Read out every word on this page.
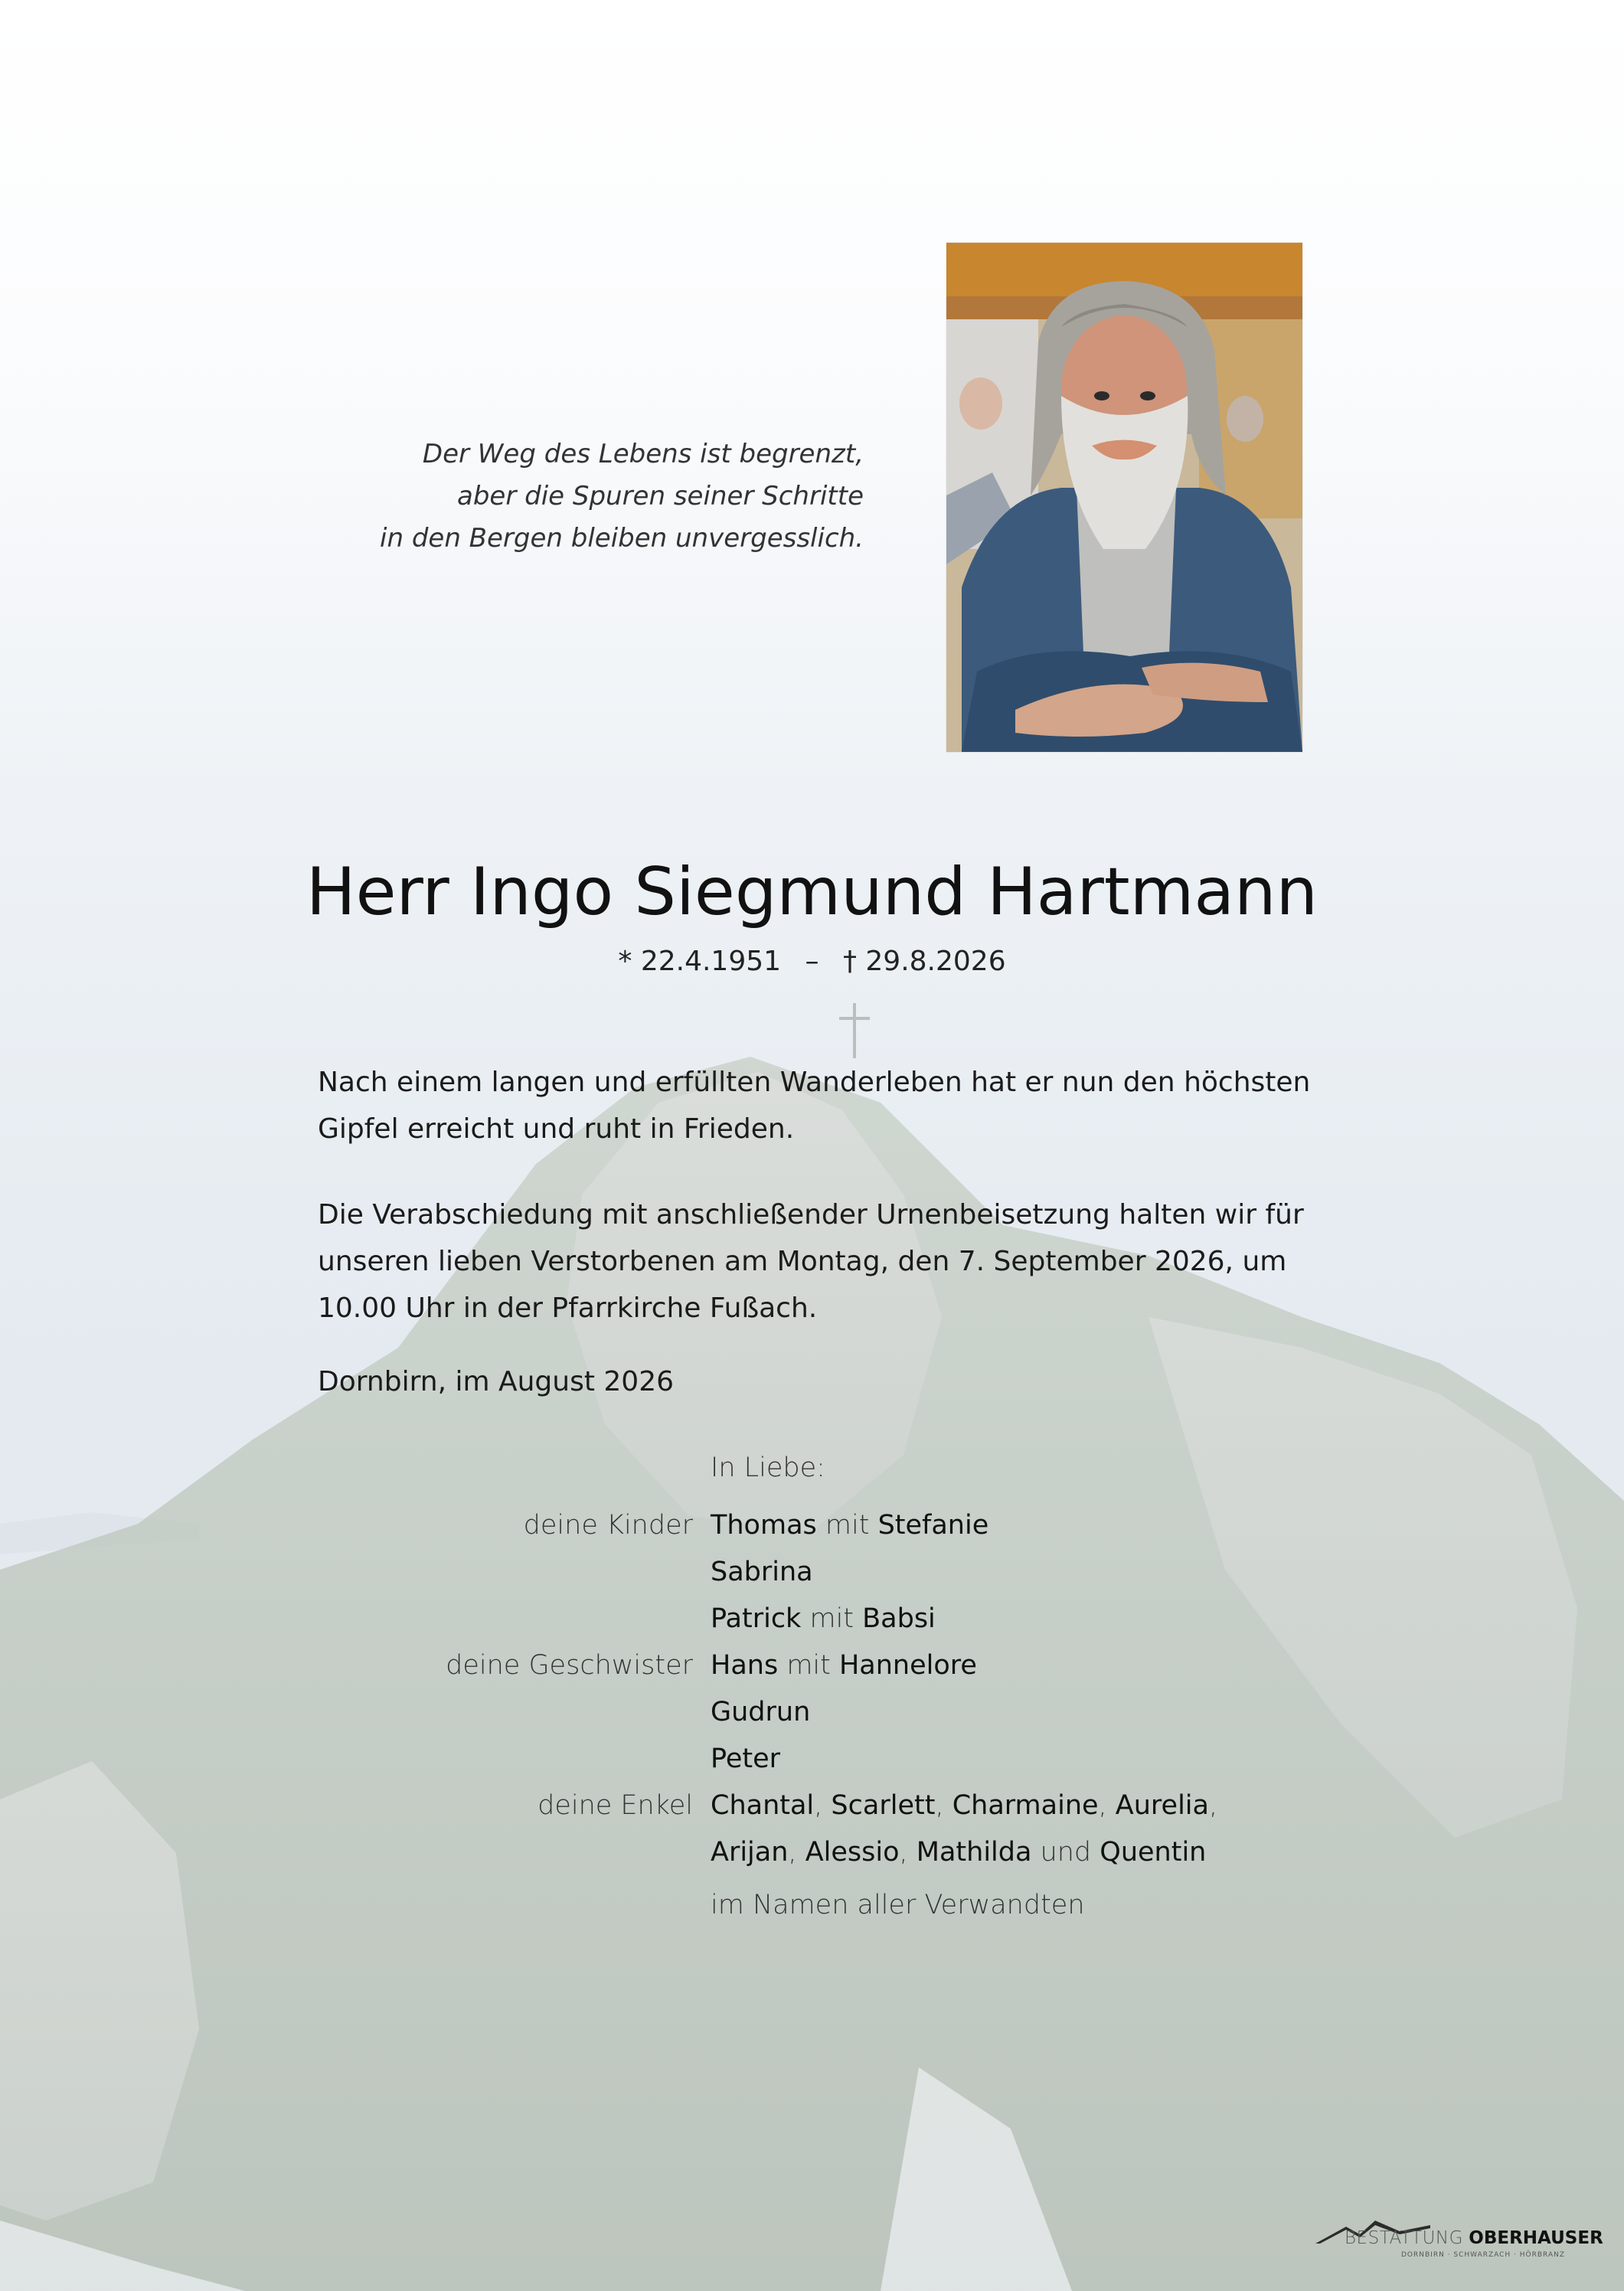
Der Weg des Lebens ist begrenzt,
aber die Spuren seiner Schritte
in den Bergen bleiben unvergesslich.
Herr Ingo Siegmund Hartmann
* 22.4.1951 – † 29.8.2026
Nach einem langen und erfüllten Wanderleben hat er nun den höchsten Gipfel erreicht und ruht in Frieden.
Die Verabschiedung mit anschließender Urnenbeisetzung halten wir für unseren lieben Verstorbenen am Montag, den 7. September 2026, um 10.00 Uhr in der Pfarrkirche Fußach.
Dornbirn, im August 2026
In Liebe:
deine Kinder Thomas mit Stefanie
Sabrina
Patrick mit Babsi
deine Geschwister Hans mit Hannelore
Gudrun
Peter
deine Enkel Chantal, Scarlett, Charmaine, Aurelia,
Arijan, Alessio, Mathilda und Quentin
im Namen aller Verwandten
BESTATTUNG OBERHAUSER
DORNBIRN · SCHWARZACH · HÖRBRANZ
